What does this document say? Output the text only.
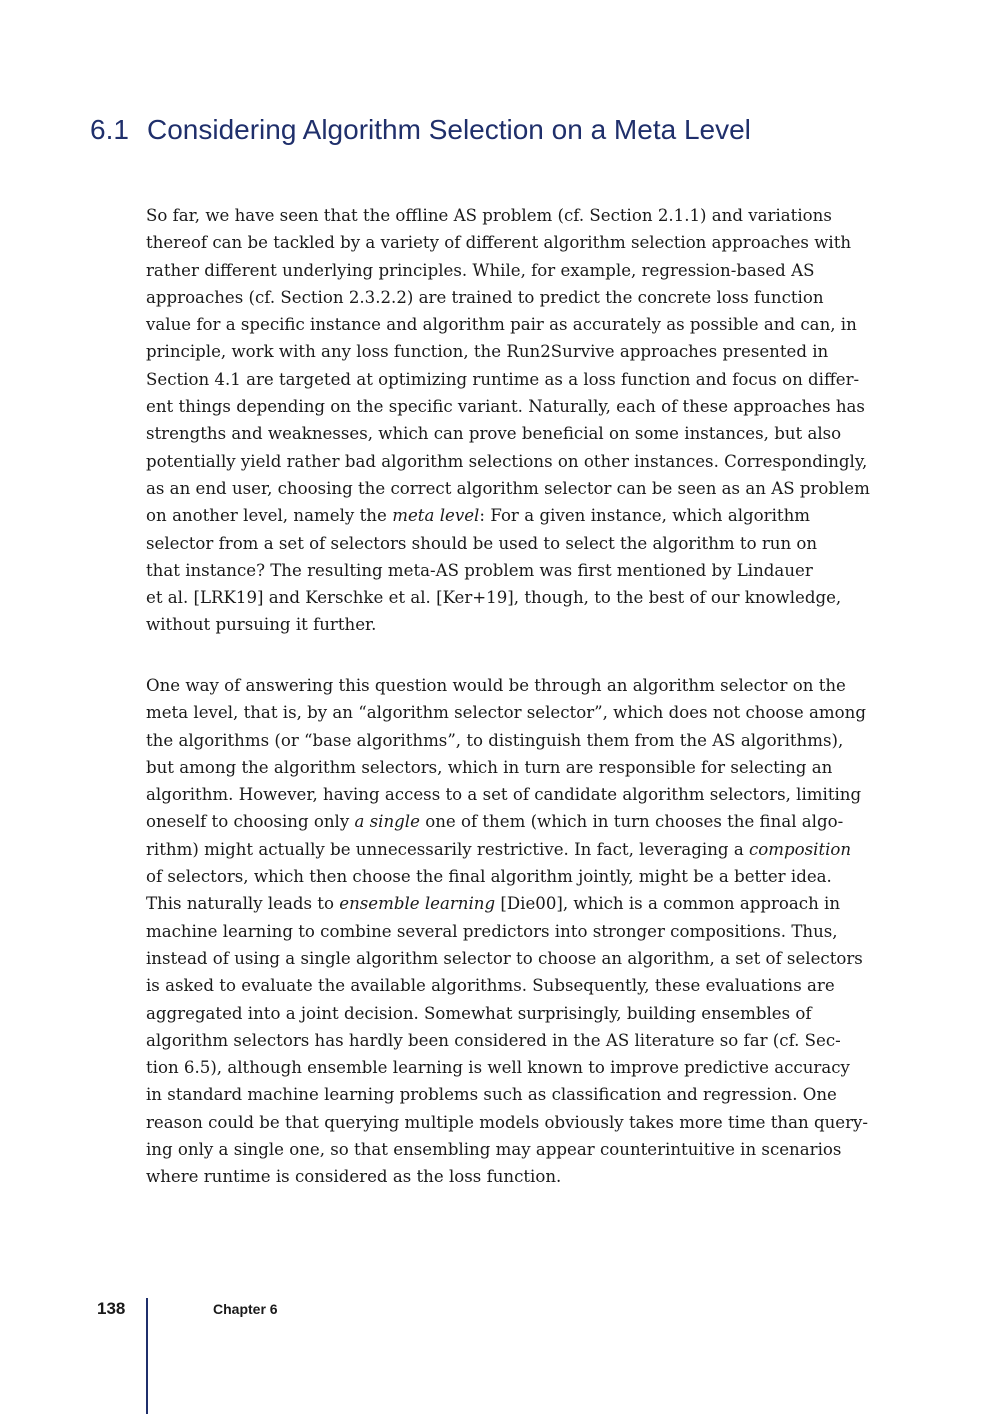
6.1 Considering Algorithm Selection on a Meta Level
So far, we have seen that the offline AS problem (cf. Section 2.1.1) and variations
thereof can be tackled by a variety of different algorithm selection approaches with
rather different underlying principles. While, for example, regression-based AS
approaches (cf. Section 2.3.2.2) are trained to predict the concrete loss function
value for a specific instance and algorithm pair as accurately as possible and can, in
principle, work with any loss function, the Run2Survive approaches presented in
Section 4.1 are targeted at optimizing runtime as a loss function and focus on differ-
ent things depending on the specific variant. Naturally, each of these approaches has
strengths and weaknesses, which can prove beneficial on some instances, but also
potentially yield rather bad algorithm selections on other instances. Correspondingly,
as an end user, choosing the correct algorithm selector can be seen as an AS problem
on another level, namely the meta level: For a given instance, which algorithm
selector from a set of selectors should be used to select the algorithm to run on
that instance? The resulting meta-AS problem was first mentioned by Lindauer
et al. [LRK19] and Kerschke et al. [Ker+19], though, to the best of our knowledge,
without pursuing it further.
One way of answering this question would be through an algorithm selector on the
meta level, that is, by an “algorithm selector selector”, which does not choose among
the algorithms (or “base algorithms”, to distinguish them from the AS algorithms),
but among the algorithm selectors, which in turn are responsible for selecting an
algorithm. However, having access to a set of candidate algorithm selectors, limiting
oneself to choosing only a single one of them (which in turn chooses the final algo-
rithm) might actually be unnecessarily restrictive. In fact, leveraging a composition
of selectors, which then choose the final algorithm jointly, might be a better idea.
This naturally leads to ensemble learning [Die00], which is a common approach in
machine learning to combine several predictors into stronger compositions. Thus,
instead of using a single algorithm selector to choose an algorithm, a set of selectors
is asked to evaluate the available algorithms. Subsequently, these evaluations are
aggregated into a joint decision. Somewhat surprisingly, building ensembles of
algorithm selectors has hardly been considered in the AS literature so far (cf. Sec-
tion 6.5), although ensemble learning is well known to improve predictive accuracy
in standard machine learning problems such as classification and regression. One
reason could be that querying multiple models obviously takes more time than query-
ing only a single one, so that ensembling may appear counterintuitive in scenarios
where runtime is considered as the loss function.
138	Chapter 6
